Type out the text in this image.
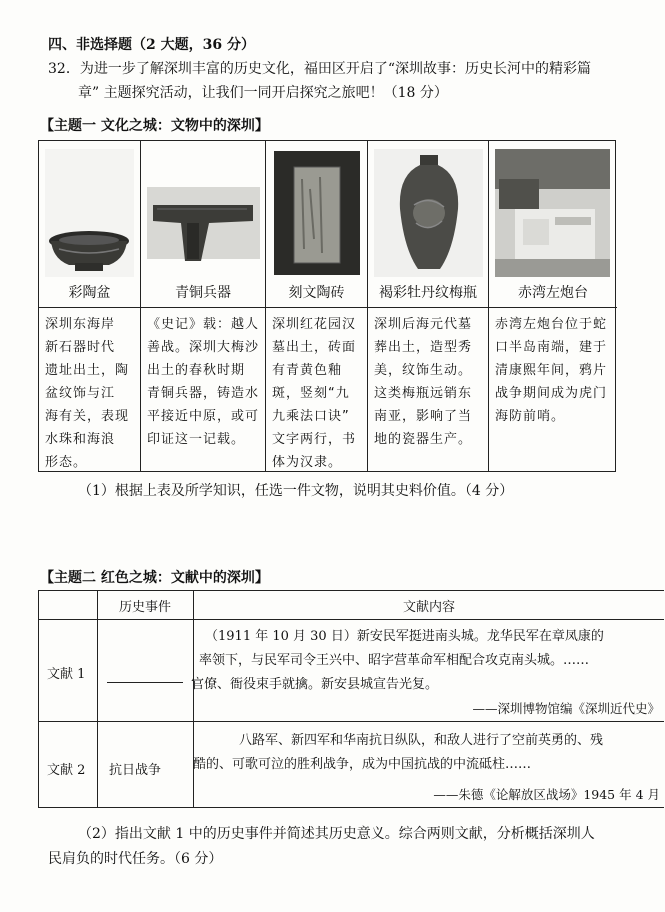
四、非选择题（2 大题，36 分）
32．为进一步了解深圳丰富的历史文化，福田区开启了“深圳故事：历史长河中的精彩篇
章” 主题探究活动，让我们一同开启探究之旅吧！（18 分）
【主题一 文化之城：文物中的深圳】
彩陶盆
深圳东海岸
新石器时代
遗址出土，陶
盆纹饰与江
海有关，表现
水珠和海浪
形态。
青铜兵器
《史记》载：越人
善战。深圳大梅沙
出土的春秋时期
青铜兵器，铸造水
平接近中原，或可
印证这一记载。
刻文陶砖
深圳红花园汉
墓出土，砖面
有青黄色釉
斑，竖刻“九
九乘法口诀”
文字两行，书
体为汉隶。
褐彩牡丹纹梅瓶
深圳后海元代墓
葬出土，造型秀
美，纹饰生动。
这类梅瓶远销东
南亚，影响了当
地的瓷器生产。
赤湾左炮台
赤湾左炮台位于蛇
口半岛南端，建于
清康熙年间，鸦片
战争期间成为虎门
海防前哨。
（1）根据上表及所学知识，任选一件文物，说明其史料价值。（4 分）
【主题二 红色之城：文献中的深圳】
历史事件	文献内容
文献 1
（1911 年 10 月 30 日）新安民军挺进南头城。龙华民军在章凤康的
率领下，与民军司令王兴中、昭字营革命军相配合攻克南头城。……
官僚、衙役束手就擒。新安县城宣告光复。
——深圳博物馆编《深圳近代史》
文献 2 抗日战争
八路军、新四军和华南抗日纵队，和敌人进行了空前英勇的、残
酷的、可歌可泣的胜利战争，成为中国抗战的中流砥柱……
——朱德《论解放区战场》1945 年 4 月
（2）指出文献 1 中的历史事件并简述其历史意义。综合两则文献，分析概括深圳人
民肩负的时代任务。（6 分）
